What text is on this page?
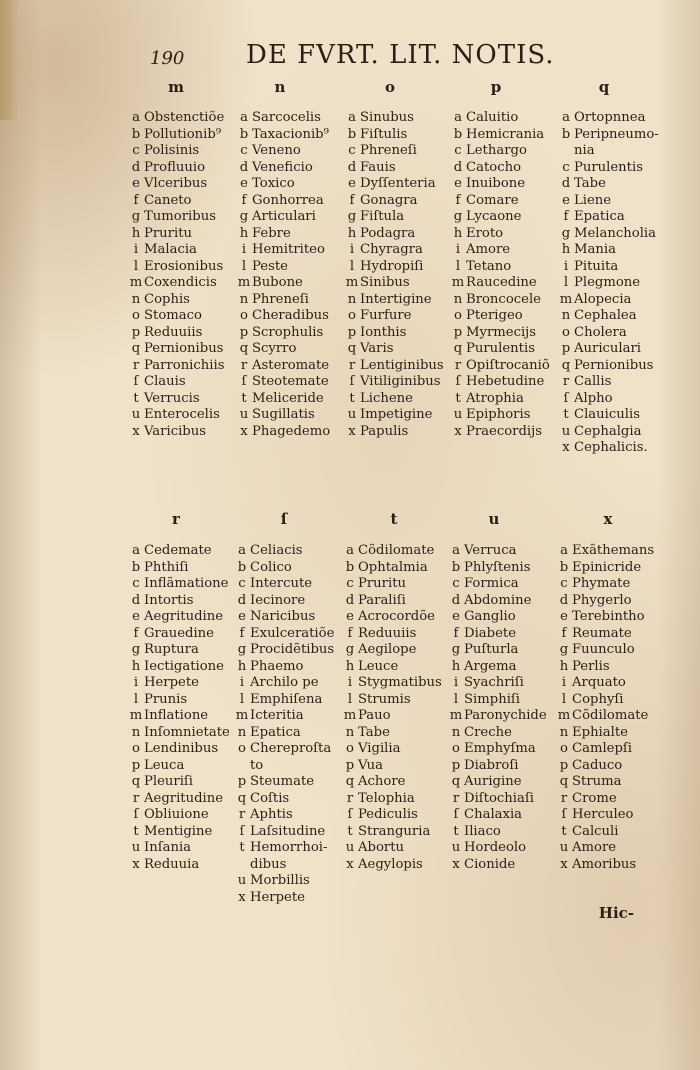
190 DE FVRT. LIT. NOTIS.
m	n	o	p	q
a Obstenctiõe
b Pollutionib⁹
c Polisinis
d Profluuio
e Vlceribus
f Caneto
g Tumoribus
h Pruritu
i Malacia
l Erosionibus
m Coxendicis
n Cophis
o Stomaco
p Reduuiis
q Pernionibus
r Parronichiis
ſ Clauis
t Verrucis
u Enterocelis
x Varicibus
a Sarcocelis
b Taxacionib⁹
c Veneno
d Veneficio
e Toxico
f Gonhorrea
g Articulari
h Febre
i Hemitriteo
l Peste
m Bubone
n Phreneſi
o Cheradibus
p Scrophulis
q Scyrro
r Asteromate
ſ Steotemate
t Meliceride
u Sugillatis
x Phagedemo
a Sinubus
b Fiſtulis
c Phreneſi
d Fauis
e Dyſſenteria
f Gonagra
g Fiſtula
h Podagra
i Chyragra
l Hydropiſi
m Sinibus
n Intertigine
o Furfure
p Ionthis
q Varis
r Lentiginibus
ſ Vitiliginibus
t Lichene
u Impetigine
x Papulis
a Caluitio
b Hemicrania
c Lethargo
d Catocho
e Inuibone
f Comare
g Lycaone
h Eroto
i Amore
l Tetano
m Raucedine
n Broncocele
o Pterigeo
p Myrmecijs
q Purulentis
r Opiſtrocaniõ
ſ Hebetudine
t Atrophia
u Epiphoris
x Praecordijs
a Ortopnnea
b Peripneumo-
nia
c Purulentis
d Tabe
e Liene
f Epatica
g Melancholia
h Mania
i Pituita
l Plegmone
m Alopecia
n Cephalea
o Cholera
p Auriculari
q Pernionibus
r Callis
ſ Alpho
t Clauiculis
u Cephalgia
x Cephalicis.
r	ſ	t	u	x
a Cedemate
b Phthiſi
c Inflãmatione
d Intortis
e Aegritudine
f Grauedine
g Ruptura
h Iectigatione
i Herpete
l Prunis
m Inflatione
n Inſomnietate
o Lendinibus
p Leuca
q Pleuriſi
r Aegritudine
ſ Obliuione
t Mentigine
u Inſania
x Reduuia
a Celiacis
b Colico
c Intercute
d Iecinore
e Naricibus
f Exulceratiõe
g Procidẽtibus
h Phaemo
i Archilo pe
l Emphiſena
m Icteritia
n Epatica
o Chereproſta
to
p Steumate
q Coſtis
r Aphtis
ſ Laſsitudine
t Hemorrhoi-
dibus
u Morbillis
x Herpete
a Cõdilomate
b Ophtalmia
c Pruritu
d Paraliſi
e Acrocordõe
f Reduuiis
g Aegilope
h Leuce
i Stygmatibus
l Strumis
m Pauo
n Tabe
o Vigilia
p Vua
q Achore
r Telophia
ſ Pediculis
t Stranguria
u Abortu
x Aegylopis
a Verruca
b Phlyſtenis
c Formica
d Abdomine
e Ganglio
f Diabete
g Puſturla
h Argema
i Syachriſi
l Simphiſi
m Paronychide
n Creche
o Emphyſma
p Diabroſi
q Aurigine
r Diſtochiaſi
ſ Chalaxia
t Iliaco
u Hordeolo
x Cionide
a Exãthemans
b Epinicride
c Phymate
d Phygerlo
e Terebintho
f Reumate
g Fuunculo
h Perlis
i Arquato
l Cophyſi
m Cõdilomate
n Ephialte
o Camlepſi
p Caduco
q Struma
r Crome
ſ Herculeo
t Calculi
u Amore
x Amoribus
Hic-
